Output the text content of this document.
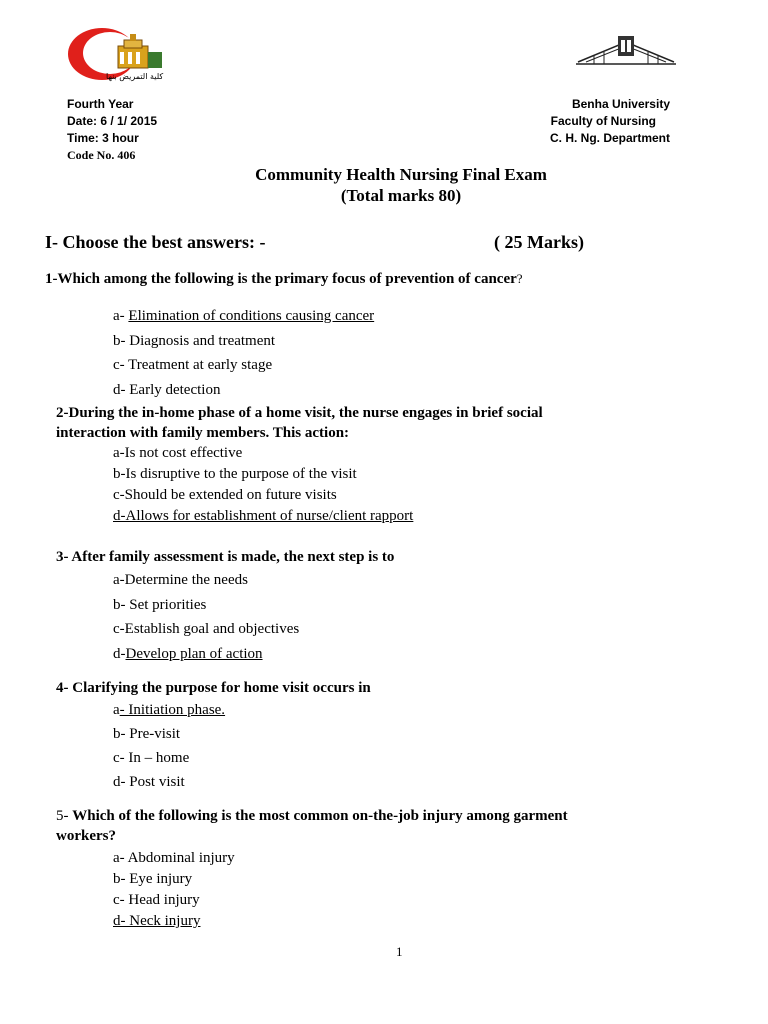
كلية التمريض بنها
Fourth Year
Date: 6 / 1/ 2015
Time: 3 hour
Code No. 406
Benha University
Faculty of Nursing
C. H. Ng. Department
Community Health Nursing Final Exam
(Total marks 80)
I- Choose the best answers: -	( 25 Marks)
1-Which among the following is the primary focus of prevention of cancer?
a- Elimination of conditions causing cancer
b- Diagnosis and treatment
c- Treatment at early stage
d- Early detection
2-During the in-home phase of a home visit, the nurse engages in brief social
interaction with family members. This action:
a-Is not cost effective
b-Is disruptive to the purpose of the visit
c-Should be extended on future visits
d-Allows for establishment of nurse/client rapport
3- After family assessment is made, the next step is to
a-Determine the needs
b- Set priorities
c-Establish goal and objectives
d-Develop plan of action
4- Clarifying the purpose for home visit occurs in
a- Initiation phase.
b- Pre-visit
c- In – home
d- Post visit
5- Which of the following is the most common on-the-job injury among garment
workers?
a- Abdominal injury
b- Eye injury
c- Head injury
d- Neck injury
1
